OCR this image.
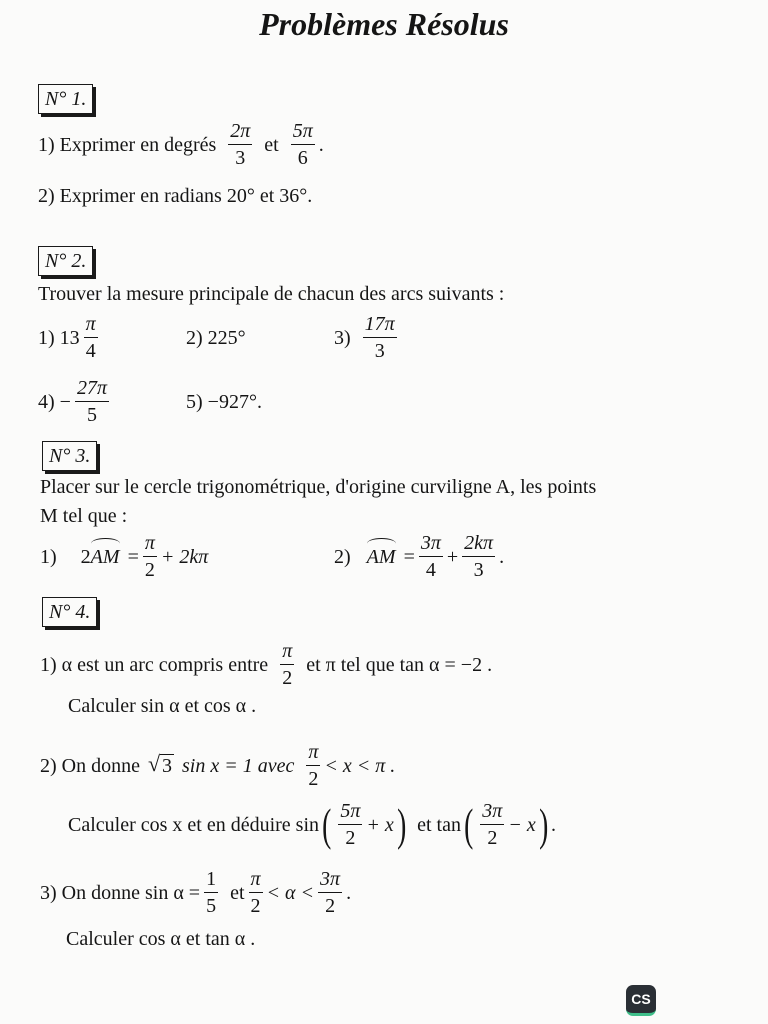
Problèmes Résolus
N° 1.
1) Exprimer en degrés $\frac{2\pi}{3}$ et $\frac{5\pi}{6}$ .
2) Exprimer en radians 20° et 36°.
N° 2.
Trouver la mesure principale de chacun des arcs suivants :
1) $13 \frac{\pi}{4}$	2) 225°	$3) \frac{17\pi}{3}$
$4) - \frac{27\pi}{5}$	5) −927°.
N° 3.
Placer sur le cercle trigonométrique, d'origine curviligne A, les points
M tel que :
1) 2 AM = $\frac{\pi}{2} + 2k\pi$	2) AM = $\frac{3\pi}{4} + \frac{2k\pi}{3}$ .
N° 4.
1) α est un arc compris entre $\frac{\pi}{2}$ et π tel que tan α = −2 .
Calculer sin α et cos α .
2) On donne √ 3 sin x = 1 avec $\frac{\pi}{2} < x < \pi$ .
Calculer cos x et en déduire sin ( $\frac{5\pi}{2} + x$ ) et tan ( $\frac{3\pi}{2} - x$ ) .
3) On donne $\sin \alpha = \frac{1}{5}$ et $\frac{\pi}{2} < \alpha < \frac{3\pi}{2}$ .
Calculer cos α et tan α .
CS
